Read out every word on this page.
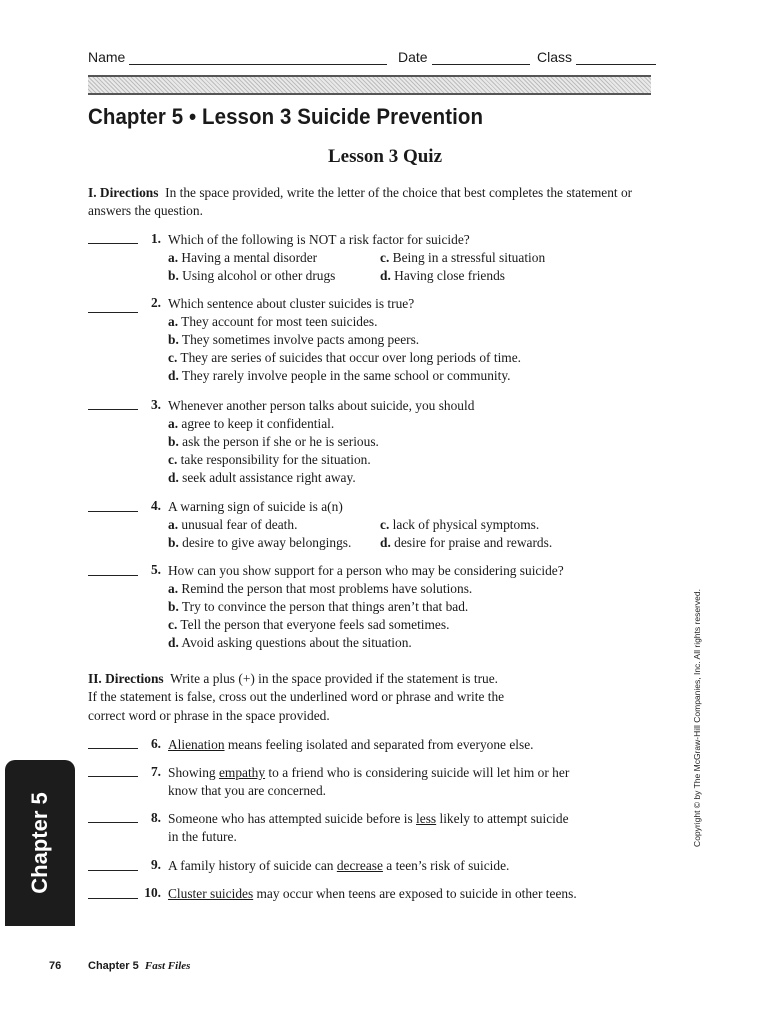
Name	Date	Class
Chapter 5 • Lesson 3 Suicide Prevention
Lesson 3 Quiz
I. Directions In the space provided, write the letter of the choice that best completes the statement or answers the question.
1. Which of the following is NOT a risk factor for suicide?
a. Having a mental disorder	c. Being in a stressful situation
b. Using alcohol or other drugs	d. Having close friends
2. Which sentence about cluster suicides is true?
a. They account for most teen suicides.
b. They sometimes involve pacts among peers.
c. They are series of suicides that occur over long periods of time.
d. They rarely involve people in the same school or community.
3. Whenever another person talks about suicide, you should
a. agree to keep it confidential.
b. ask the person if she or he is serious.
c. take responsibility for the situation.
d. seek adult assistance right away.
4. A warning sign of suicide is a(n)
a. unusual fear of death.	c. lack of physical symptoms.
b. desire to give away belongings. d. desire for praise and rewards.
5. How can you show support for a person who may be considering suicide?
a. Remind the person that most problems have solutions.
b. Try to convince the person that things aren’t that bad.
c. Tell the person that everyone feels sad sometimes.
d. Avoid asking questions about the situation.
II. Directions Write a plus (+) in the space provided if the statement is true.
If the statement is false, cross out the underlined word or phrase and write the
correct word or phrase in the space provided.
6. Alienation means feeling isolated and separated from everyone else.
7. Showing empathy to a friend who is considering suicide will let him or her
know that you are concerned.
8. Someone who has attempted suicide before is less likely to attempt suicide
in the future.
9. A family history of suicide can decrease a teen’s risk of suicide.
10. Cluster suicides may occur when teens are exposed to suicide in other teens.
Chapter 5	Copyright © by The McGraw-Hill Companies, Inc. All rights reserved.
76 Chapter 5 Fast Files
